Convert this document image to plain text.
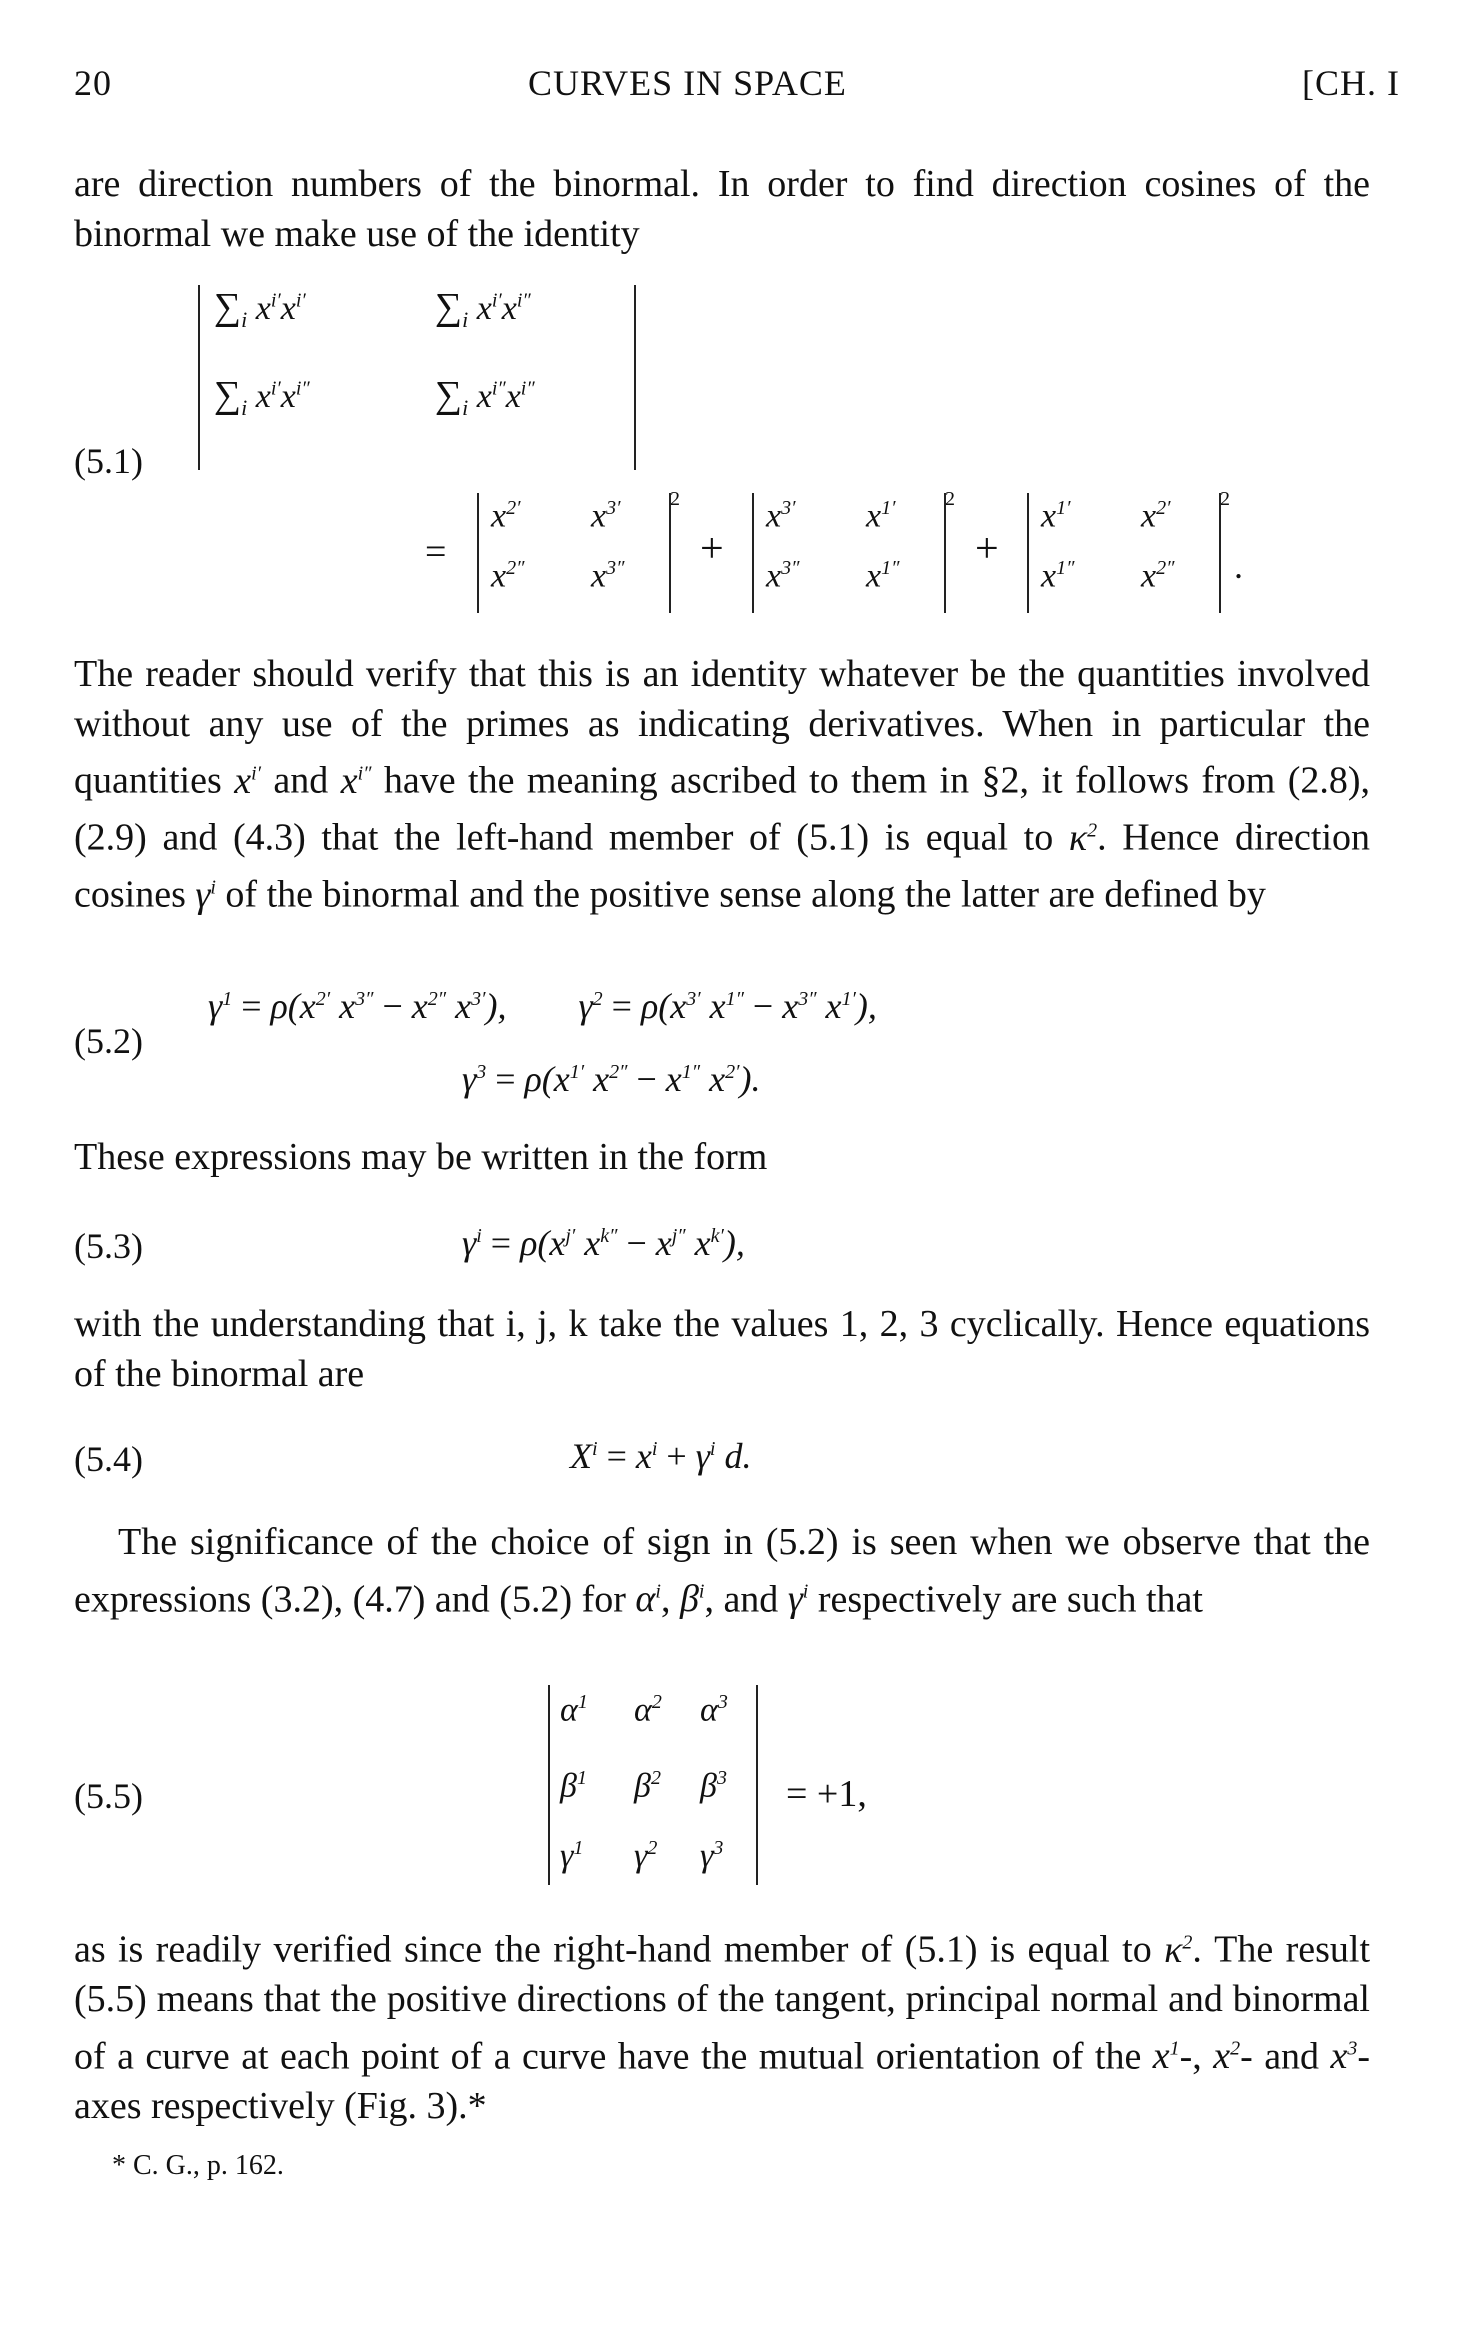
20	CURVES IN SPACE	[CH. I

are direction numbers of the binormal. In order to find direction cosines of the binormal we make use of the identity

(5.1)
$\sum_i$ $x^{i'}x^{i'}$	$\sum_i$ $x^{i'}x^{i''}$
$\sum_i$ $x^{i'}x^{i''}$	$\sum_i$ $x^{i''}x^{i''}$
=
$x^{2'}$ $x^{3'}$
$x^{2''}$ $x^{3''}$
2
+
$x^{3'}$ $x^{1'}$
$x^{3''}$ $x^{1''}$
2
+
$x^{1'}$ $x^{2'}$
$x^{1''}$ $x^{2''}$
2
.

The reader should verify that this is an identity whatever be the quantities involved without any use of the primes as indicating derivatives. When in particular the quantities $x^{i'}$ and $x^{i''}$ have the meaning ascribed to them in §2, it follows from (2.8), (2.9) and (4.3) that the left-hand member of (5.1) is equal to $\kappa^2$. Hence direction cosines $\gamma^i$ of the binormal and the positive sense along the latter are defined by

(5.2)
$\gamma^1 = \rho(x^{2'}$ $x^{3''} - x^{2''}$ $x^{3'}$),        $\gamma^2 = \rho(x^{3'}$ $x^{1''} - x^{3''}$ $x^{1'}$),
$\gamma^3 = \rho(x^{1'}$ $x^{2''} - x^{1''}$ $x^{2'}$).

These expressions may be written in the form

(5.3)	$\gamma^i = \rho(x^{j'}$ $x^{k''} - x^{j''}$ $x^{k'}$),

with the understanding that i, j, k take the values 1, 2, 3 cyclically. Hence equations of the binormal are

(5.4)	$X^i = x^i + \gamma^i$ d.

The significance of the choice of sign in (5.2) is seen when we observe that the expressions (3.2), (4.7) and (5.2) for $\alpha^i$, $\beta^i$, and $\gamma^i$ respectively are such that

(5.5)
$\alpha^1$ $\alpha^2$ $\alpha^3$
$\beta^1$ $\beta^2$ $\beta^3$
$\gamma^1$ $\gamma^2$ $\gamma^3$
= +1,

as is readily verified since the right-hand member of (5.1) is equal to $\kappa^2$. The result (5.5) means that the positive directions of the tangent, principal normal and binormal of a curve at each point of a curve have the mutual orientation of the $x^1-$, $x^2-$ and $x^3$-axes respectively (Fig. 3).*

* C. G., p. 162.
